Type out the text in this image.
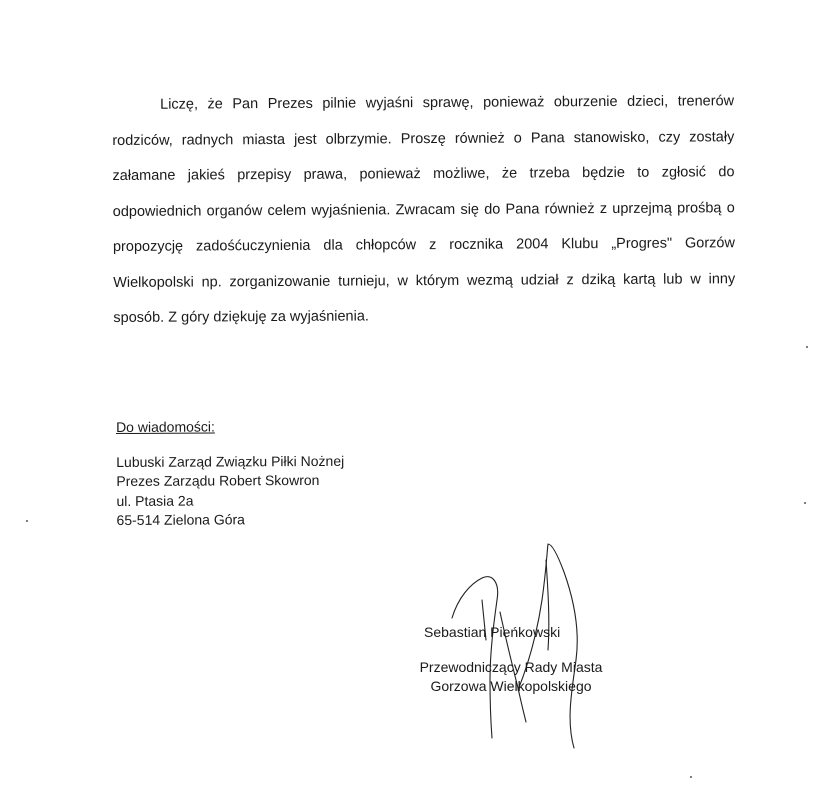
Liczę, że Pan Prezes pilnie wyjaśni sprawę, ponieważ oburzenie dzieci, trenerów rodziców, radnych miasta jest olbrzymie. Proszę również o Pana stanowisko, czy zostały załamane jakieś przepisy prawa, ponieważ możliwe, że trzeba będzie to zgłosić do odpowiednich organów celem wyjaśnienia. Zwracam się do Pana również z uprzejmą prośbą o propozycję zadośćuczynienia dla chłopców z rocznika 2004 Klubu „Progres" Gorzów Wielkopolski np. zorganizowanie turnieju, w którym wezmą udział z dziką kartą lub w inny sposób. Z góry dziękuję za wyjaśnienia.

Do wiadomości:
Lubuski Zarząd Związku Piłki Nożnej
Prezes Zarządu Robert Skowron
ul. Ptasia 2a
65-514 Zielona Góra
Sebastian Pieńkowski
Przewodniczący Rady Miasta
Gorzowa Wielkopolskiego
